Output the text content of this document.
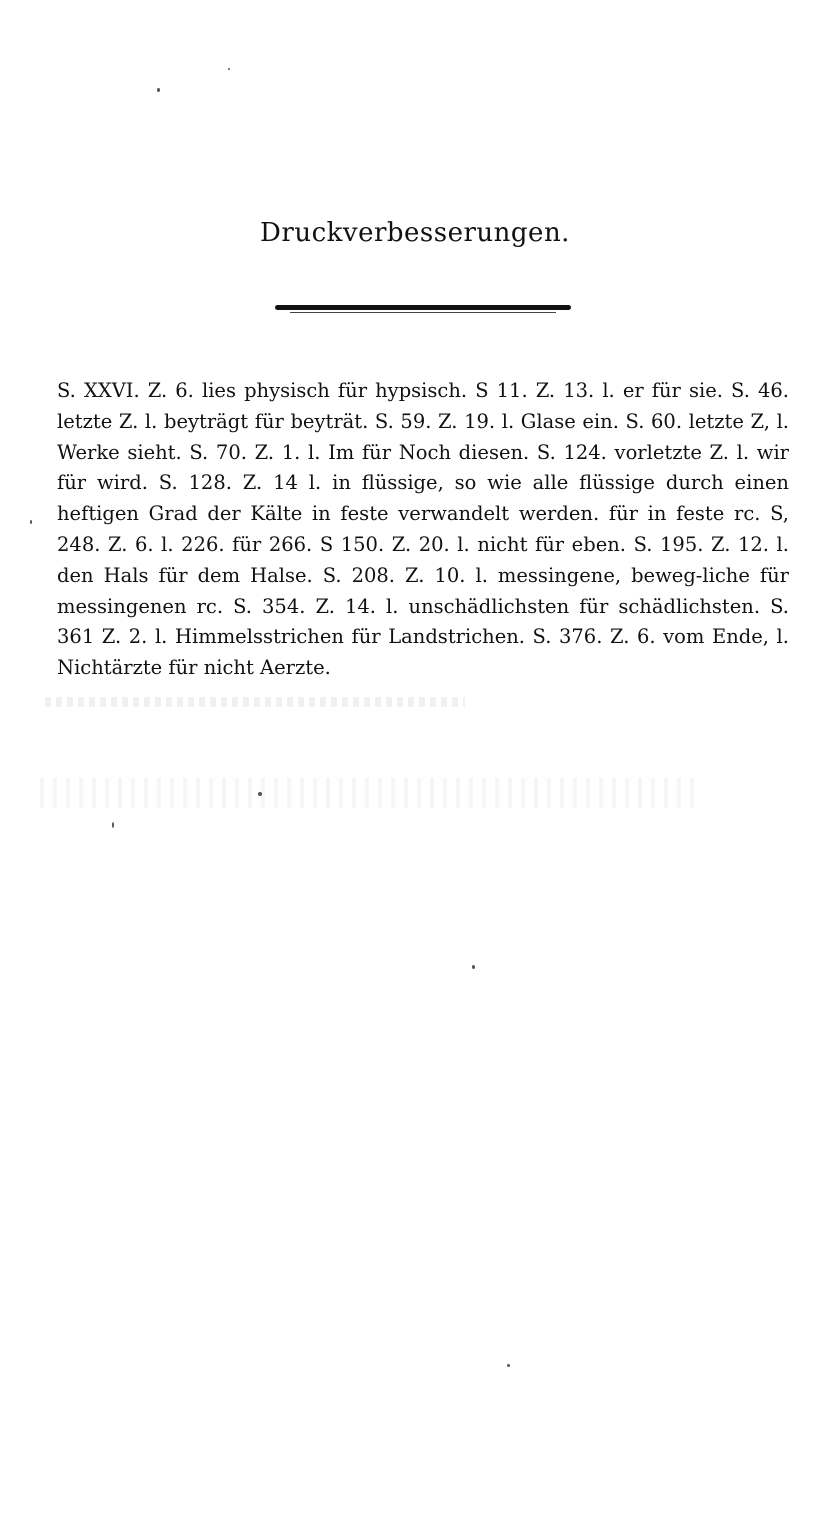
Druckverbesserungen.
S. XXVI. Z. 6. lies physisch für hypsisch. S 11. Z. 13. l. er für sie. S. 46. letzte Z. l. beyträgt für beyträt. S. 59. Z. 19. l. Glase ein. S. 60. letzte Z, l. Werke sieht. S. 70. Z. 1. l. Im für Noch diesen. S. 124. vorletzte Z. l. wir für wird. S. 128. Z. 14 l. in flüssige, so wie alle flüssige durch einen heftigen Grad der Kälte in feste verwandelt werden. für in feste rc. S, 248. Z. 6. l. 226. für 266. S 150. Z. 20. l. nicht für eben. S. 195. Z. 12. l. den Hals für dem Halse. S. 208. Z. 10. l. messingene, beweg-liche für messingenen rc. S. 354. Z. 14. l. unschädlichsten für schädlichsten. S. 361 Z. 2. l. Himmelsstrichen für Landstrichen. S. 376. Z. 6. vom Ende, l. Nichtärzte für nicht Aerzte.
